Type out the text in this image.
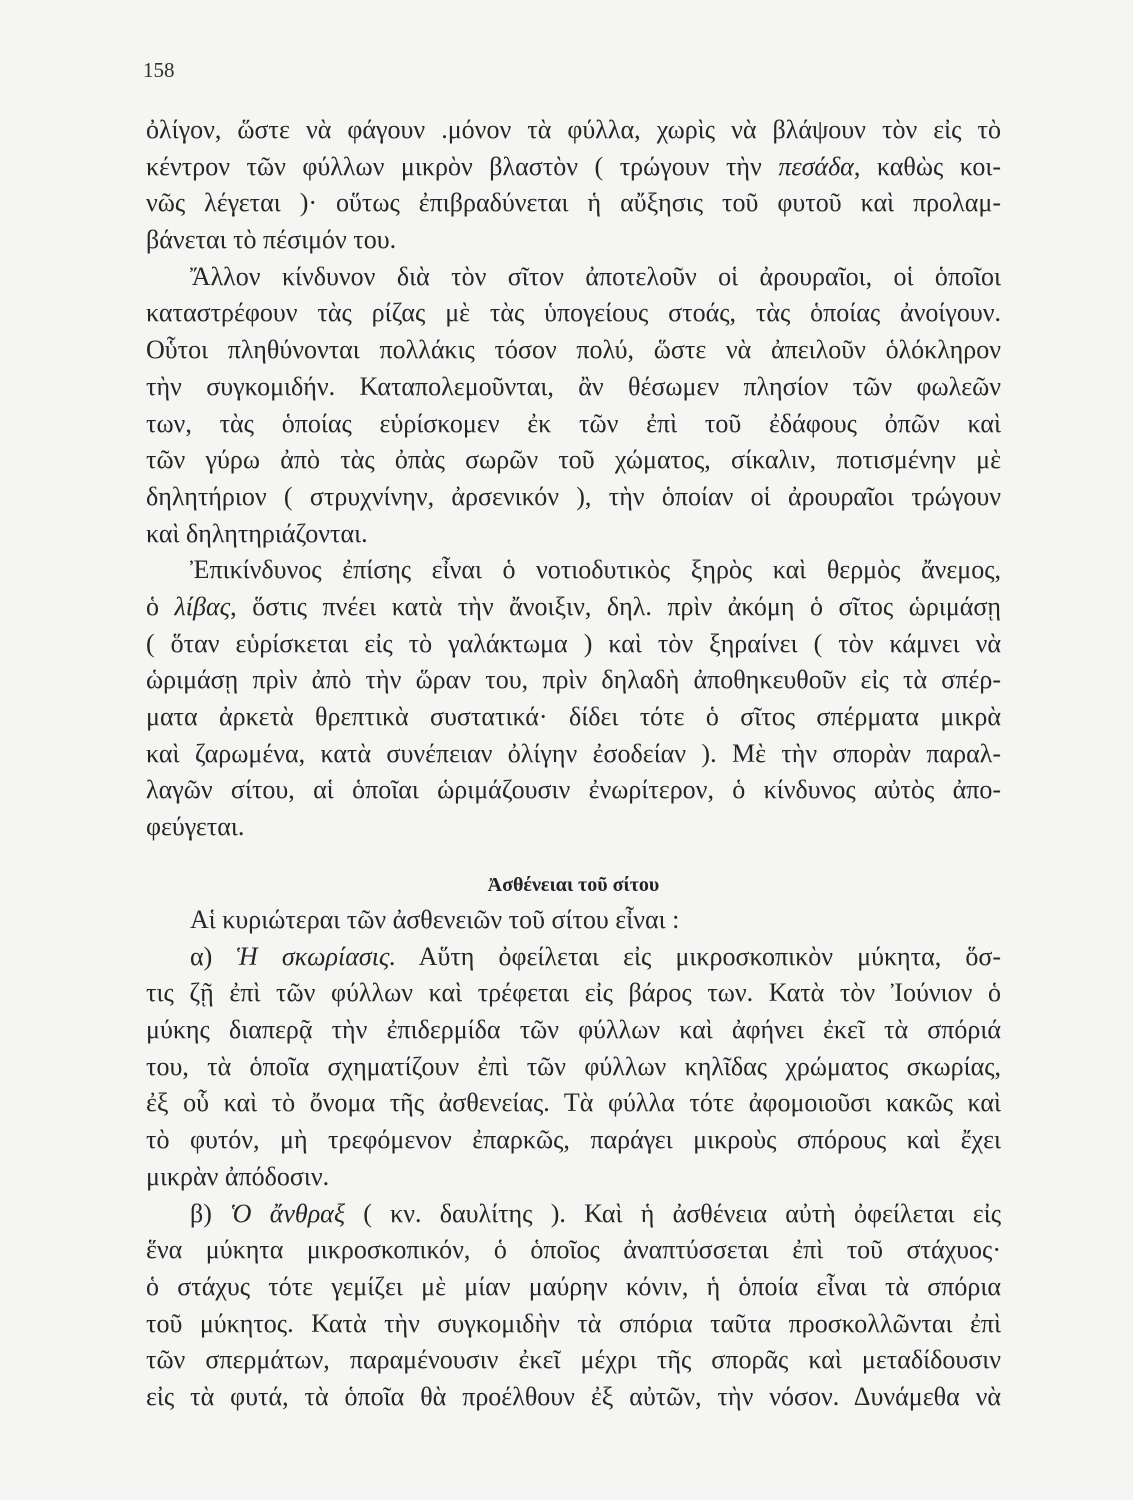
158
ὀλίγον, ὥστε νὰ φάγουν .μόνον τὰ φύλλα, χωρὶς νὰ βλάψουν τὸν εἰς τὸ
κέντρον τῶν φύλλων μικρὸν βλαστὸν ( τρώγουν τὴν πεσάδα, καθὼς κοι-
νῶς λέγεται )· οὕτως ἐπιβραδύνεται ἡ αὔξησις τοῦ φυτοῦ καὶ προλαμ-
βάνεται τὸ πέσιμόν του.
Ἄλλον κίνδυνον διὰ τὸν σῖτον ἀποτελοῦν οἱ ἀρουραῖοι, οἱ ὁποῖοι
καταστρέφουν τὰς ρίζας μὲ τὰς ὑπογείους στοάς, τὰς ὁποίας ἀνοίγουν.
Οὗτοι πληθύνονται πολλάκις τόσον πολύ, ὥστε νὰ ἀπειλοῦν ὁλόκληρον
τὴν συγκομιδήν. Καταπολεμοῦνται, ἂν θέσωμεν πλησίον τῶν φωλεῶν
των, τὰς ὁποίας εὑρίσκομεν ἐκ τῶν ἐπὶ τοῦ ἐδάφους ὀπῶν καὶ
τῶν γύρω ἀπὸ τὰς ὀπὰς σωρῶν τοῦ χώματος, σίκαλιν, ποτισμένην μὲ
δηλητήριον ( στρυχνίνην, ἀρσενικόν ), τὴν ὁποίαν οἱ ἀρουραῖοι τρώγουν
καὶ δηλητηριάζονται.
Ἐπικίνδυνος ἐπίσης εἶναι ὁ νοτιοδυτικὸς ξηρὸς καὶ θερμὸς ἄνεμος,
ὁ λίβας, ὅστις πνέει κατὰ τὴν ἄνοιξιν, δηλ. πρὶν ἀκόμη ὁ σῖτος ὡριμάσῃ
( ὅταν εὑρίσκεται εἰς τὸ γαλάκτωμα ) καὶ τὸν ξηραίνει ( τὸν κάμνει νὰ
ὡριμάσῃ πρὶν ἀπὸ τὴν ὥραν του, πρὶν δηλαδὴ ἀποθηκευθοῦν εἰς τὰ σπέρ-
ματα ἀρκετὰ θρεπτικὰ συστατικά· δίδει τότε ὁ σῖτος σπέρματα μικρὰ
καὶ ζαρωμένα, κατὰ συνέπειαν ὀλίγην ἐσοδείαν ). Μὲ τὴν σπορὰν παραλ-
λαγῶν σίτου, αἱ ὁποῖαι ὡριμάζουσιν ἐνωρίτερον, ὁ κίνδυνος αὐτὸς ἀπο-
φεύγεται.
Ἀσθένειαι τοῦ σίτου
Αἱ κυριώτεραι τῶν ἀσθενειῶν τοῦ σίτου εἶναι :
α) Ἡ σκωρίασις. Αὕτη ὀφείλεται εἰς μικροσκοπικὸν μύκητα, ὅσ-
τις ζῇ ἐπὶ τῶν φύλλων καὶ τρέφεται εἰς βάρος των. Κατὰ τὸν Ἰούνιον ὁ
μύκης διαπερᾷ τὴν ἐπιδερμίδα τῶν φύλλων καὶ ἀφήνει ἐκεῖ τὰ σπόριά
του, τὰ ὁποῖα σχηματίζουν ἐπὶ τῶν φύλλων κηλῖδας χρώματος σκωρίας,
ἐξ οὗ καὶ τὸ ὄνομα τῆς ἀσθενείας. Τὰ φύλλα τότε ἀφομοιοῦσι κακῶς καὶ
τὸ φυτόν, μὴ τρεφόμενον ἐπαρκῶς, παράγει μικροὺς σπόρους καὶ ἔχει
μικρὰν ἀπόδοσιν.
β) Ὁ ἄνθραξ ( κν. δαυλίτης ). Καὶ ἡ ἀσθένεια αὐτὴ ὀφείλεται εἰς
ἕνα μύκητα μικροσκοπικόν, ὁ ὁποῖος ἀναπτύσσεται ἐπὶ τοῦ στάχυος·
ὁ στάχυς τότε γεμίζει μὲ μίαν μαύρην κόνιν, ἡ ὁποία εἶναι τὰ σπόρια
τοῦ μύκητος. Κατὰ τὴν συγκομιδὴν τὰ σπόρια ταῦτα προσκολλῶνται ἐπὶ
τῶν σπερμάτων, παραμένουσιν ἐκεῖ μέχρι τῆς σπορᾶς καὶ μεταδίδουσιν
εἰς τὰ φυτά, τὰ ὁποῖα θὰ προέλθουν ἐξ αὐτῶν, τὴν νόσον. Δυνάμεθα νὰ
